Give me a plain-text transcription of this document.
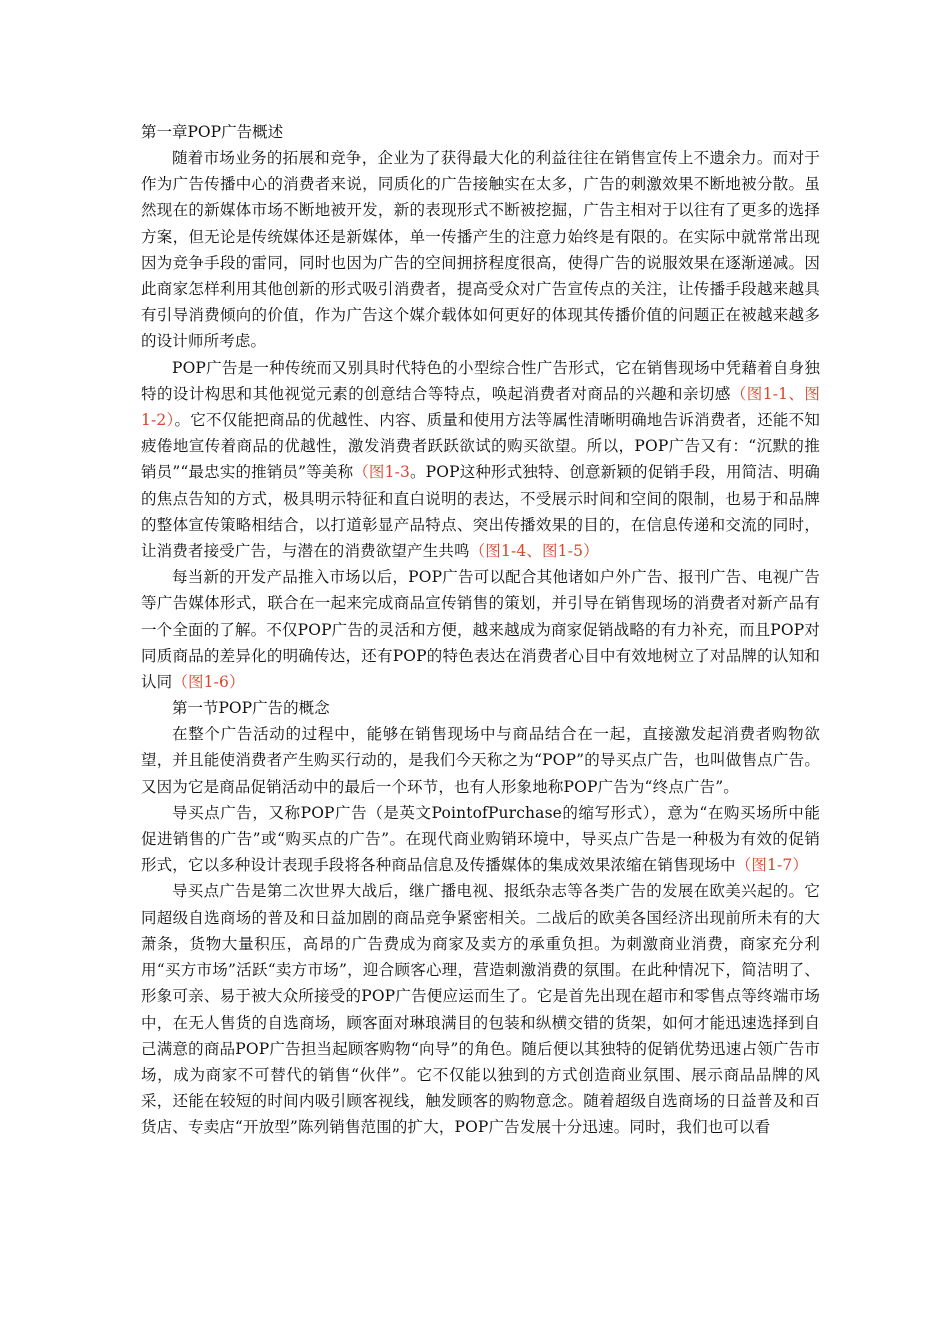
第一章POP广告概述

随着市场业务的拓展和竞争，企业为了获得最大化的利益往往在销售宣传上不遗余力。而对于作为广告传播中心的消费者来说，同质化的广告接触实在太多，广告的刺激效果不断地被分散。虽然现在的新媒体市场不断地被开发，新的表现形式不断被挖掘，广告主相对于以往有了更多的选择方案，但无论是传统媒体还是新媒体，单一传播产生的注意力始终是有限的。在实际中就常常出现因为竞争手段的雷同，同时也因为广告的空间拥挤程度很高，使得广告的说服效果在逐渐递减。因此商家怎样利用其他创新的形式吸引消费者，提高受众对广告宣传点的关注，让传播手段越来越具有引导消费倾向的价值，作为广告这个媒介载体如何更好的体现其传播价值的问题正在被越来越多的设计师所考虑。

POP广告是一种传统而又别具时代特色的小型综合性广告形式，它在销售现场中凭藉着自身独特的设计构思和其他视觉元素的创意结合等特点，唤起消费者对商品的兴趣和亲切感（图1-1、图1-2）。它不仅能把商品的优越性、内容、质量和使用方法等属性清晰明确地告诉消费者，还能不知疲倦地宣传着商品的优越性，激发消费者跃跃欲试的购买欲望。所以，POP广告又有：“沉默的推销员”“最忠实的推销员”等美称（图1-3。POP这种形式独特、创意新颖的促销手段，用简洁、明确的焦点告知的方式，极具明示特征和直白说明的表达，不受展示时间和空间的限制，也易于和品牌的整体宣传策略相结合，以打道彰显产品特点、突出传播效果的目的，在信息传递和交流的同时，让消费者接受广告，与潜在的消费欲望产生共鸣（图1-4、图1-5）

每当新的开发产品推入市场以后，POP广告可以配合其他诸如户外广告、报刊广告、电视广告等广告媒体形式，联合在一起来完成商品宣传销售的策划，并引导在销售现场的消费者对新产品有一个全面的了解。不仅POP广告的灵活和方便，越来越成为商家促销战略的有力补充，而且POP对同质商品的差异化的明确传达，还有POP的特色表达在消费者心目中有效地树立了对品牌的认知和认同（图1-6）

第一节POP广告的概念

在整个广告活动的过程中，能够在销售现场中与商品结合在一起，直接激发起消费者购物欲望，并且能使消费者产生购买行动的，是我们今天称之为“POP”的导买点广告，也叫做售点广告。又因为它是商品促销活动中的最后一个环节，也有人形象地称POP广告为“终点广告”。

导买点广告，又称POP广告（是英文PointofPurchase的缩写形式），意为“在购买场所中能促进销售的广告”或“购买点的广告”。在现代商业购销环境中，导买点广告是一种极为有效的促销形式，它以多种设计表现手段将各种商品信息及传播媒体的集成效果浓缩在销售现场中（图1-7）

导买点广告是第二次世界大战后，继广播电视、报纸杂志等各类广告的发展在欧美兴起的。它同超级自选商场的普及和日益加剧的商品竞争紧密相关。二战后的欧美各国经济出现前所未有的大萧条，货物大量积压，高昂的广告费成为商家及卖方的承重负担。为刺激商业消费，商家充分利用“买方市场”活跃“卖方市场”，迎合顾客心理，营造刺激消费的氛围。在此种情况下，简洁明了、形象可亲、易于被大众所接受的POP广告便应运而生了。它是首先出现在超市和零售点等终端市场中，在无人售货的自选商场，顾客面对琳琅满目的包装和纵横交错的货架，如何才能迅速选择到自己满意的商品POP广告担当起顾客购物“向导”的角色。随后便以其独特的促销优势迅速占领广告市场，成为商家不可替代的销售“伙伴”。它不仅能以独到的方式创造商业氛围、展示商品品牌的风采，还能在较短的时间内吸引顾客视线，触发顾客的购物意念。随着超级自选商场的日益普及和百货店、专卖店“开放型”陈列销售范围的扩大，POP广告发展十分迅速。同时，我们也可以看
